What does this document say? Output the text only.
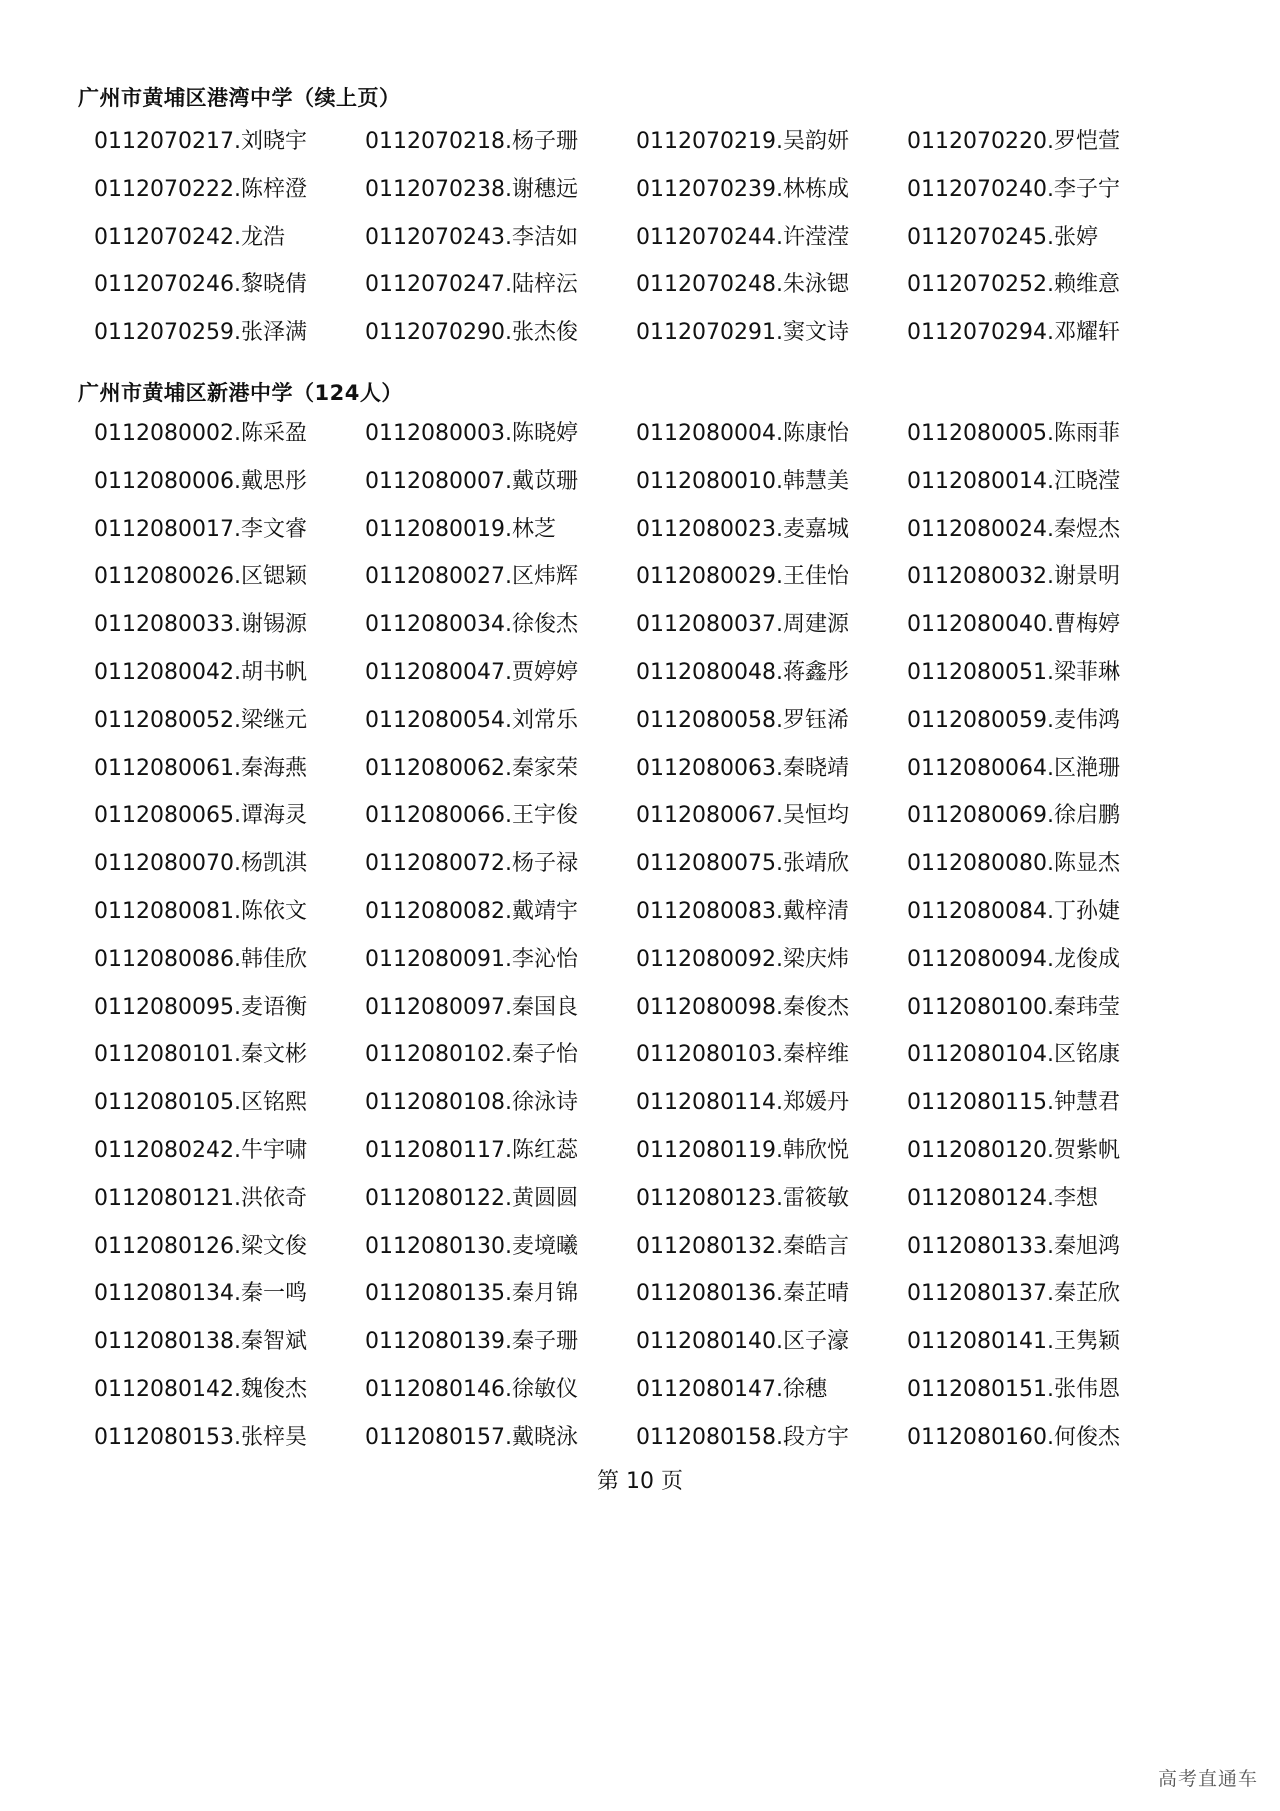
广州市黄埔区港湾中学（续上页）
0112070217.刘晓宇	0112070218.杨子珊	0112070219.吴韵妍	0112070220.罗恺萱
0112070222.陈梓澄	0112070238.谢穗远	0112070239.林栋成	0112070240.李子宁
0112070242.龙浩	0112070243.李洁如	0112070244.许滢滢	0112070245.张婷
0112070246.黎晓倩	0112070247.陆梓沄	0112070248.朱泳锶	0112070252.赖维意
0112070259.张泽满	0112070290.张杰俊	0112070291.窦文诗	0112070294.邓耀轩
广州市黄埔区新港中学（124人）
0112080002.陈采盈	0112080003.陈晓婷	0112080004.陈康怡	0112080005.陈雨菲
0112080006.戴思彤	0112080007.戴苡珊	0112080010.韩慧美	0112080014.江晓滢
0112080017.李文睿	0112080019.林芝	0112080023.麦嘉城	0112080024.秦煜杰
0112080026.区锶颖	0112080027.区炜辉	0112080029.王佳怡	0112080032.谢景明
0112080033.谢锡源	0112080034.徐俊杰	0112080037.周建源	0112080040.曹梅婷
0112080042.胡书帆	0112080047.贾婷婷	0112080048.蒋鑫彤	0112080051.梁菲琳
0112080052.梁继元	0112080054.刘常乐	0112080058.罗钰浠	0112080059.麦伟鸿
0112080061.秦海燕	0112080062.秦家荣	0112080063.秦晓靖	0112080064.区滟珊
0112080065.谭海灵	0112080066.王宇俊	0112080067.吴恒均	0112080069.徐启鹏
0112080070.杨凯淇	0112080072.杨子禄	0112080075.张靖欣	0112080080.陈显杰
0112080081.陈依文	0112080082.戴靖宇	0112080083.戴梓清	0112080084.丁孙婕
0112080086.韩佳欣	0112080091.李沁怡	0112080092.梁庆炜	0112080094.龙俊成
0112080095.麦语衡	0112080097.秦国良	0112080098.秦俊杰	0112080100.秦玮莹
0112080101.秦文彬	0112080102.秦子怡	0112080103.秦梓维	0112080104.区铭康
0112080105.区铭熙	0112080108.徐泳诗	0112080114.郑媛丹	0112080115.钟慧君
0112080242.牛宇啸	0112080117.陈红蕊	0112080119.韩欣悦	0112080120.贺紫帆
0112080121.洪依奇	0112080122.黄圆圆	0112080123.雷筱敏	0112080124.李想
0112080126.梁文俊	0112080130.麦境曦	0112080132.秦皓言	0112080133.秦旭鸿
0112080134.秦一鸣	0112080135.秦月锦	0112080136.秦芷晴	0112080137.秦芷欣
0112080138.秦智斌	0112080139.秦子珊	0112080140.区子濠	0112080141.王隽颖
0112080142.魏俊杰	0112080146.徐敏仪	0112080147.徐穗	0112080151.张伟恩
0112080153.张梓昊	0112080157.戴晓泳	0112080158.段方宇	0112080160.何俊杰
第 10 页
高考直通车
